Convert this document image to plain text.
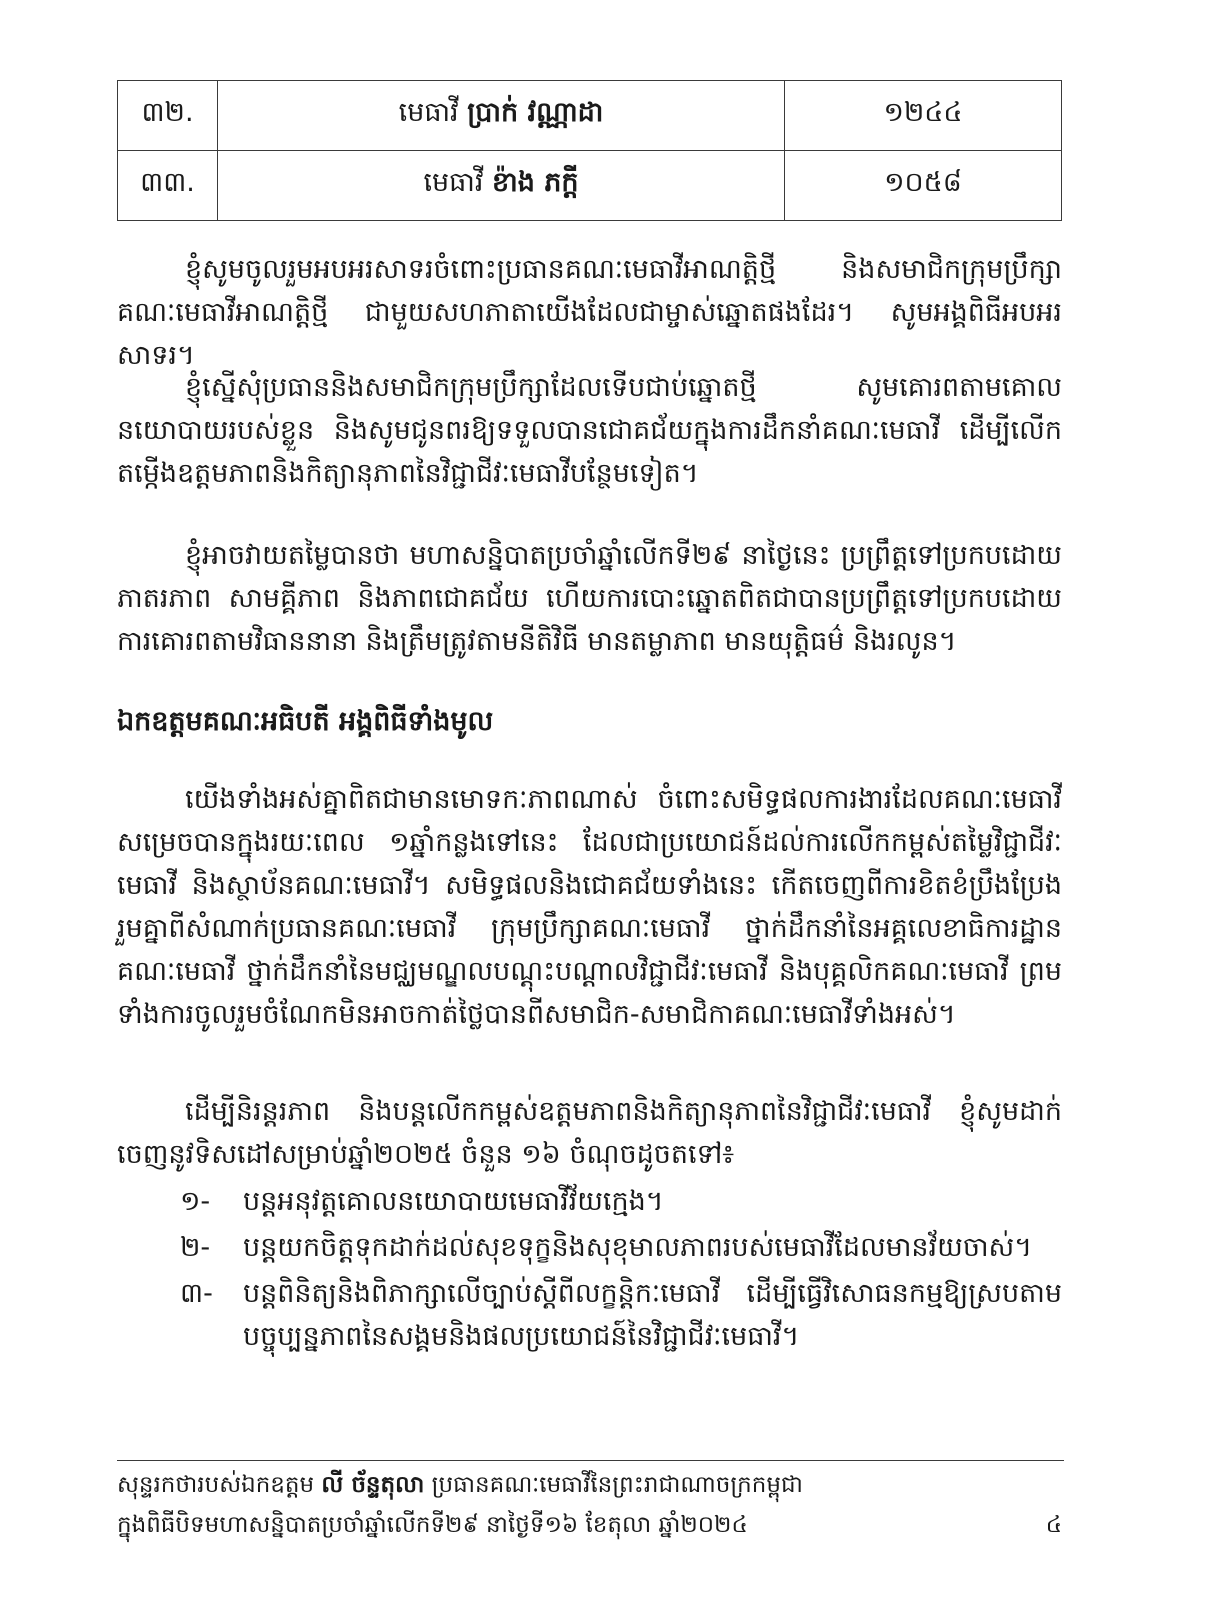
៣២.	មេធាវី ប្រាក់ វណ្ណាដា	១២៤៤
៣៣.	មេធាវី ខ៉ាង ភក្តី	១០៥៨

ខ្ញុំសូមចូលរួមអបអរសាទរចំពោះប្រធានគណៈមេធាវីអាណត្តិថ្មី និងសមាជិកក្រុមប្រឹក្សាគណៈមេធាវីអាណត្តិថ្មី ជាមួយសហភាតាយើងដែលជាម្ចាស់ឆ្នោតផងដែរ។ សូមអង្គពិធីអបអរសាទរ។

ខ្ញុំស្នើសុំប្រធាននិងសមាជិកក្រុមប្រឹក្សាដែលទើបជាប់ឆ្នោតថ្មី សូមគោរពតាមគោលនយោបាយរបស់ខ្លួន និងសូមជូនពរឱ្យទទួលបានជោគជ័យក្នុងការដឹកនាំគណៈមេធាវី ដើម្បីលើកតម្កើងឧត្តមភាពនិងកិត្យានុភាពនៃវិជ្ជាជីវៈមេធាវីបន្ថែមទៀត។

ខ្ញុំអាចវាយតម្លៃបានថា មហាសន្និបាតប្រចាំឆ្នាំលើកទី២៩ នាថ្ងៃនេះ ប្រព្រឹត្តទៅប្រកបដោយភាតរភាព សាមគ្គីភាព និងភាពជោគជ័យ ហើយការបោះឆ្នោតពិតជាបានប្រព្រឹត្តទៅប្រកបដោយការគោរពតាមវិធាននានា និងត្រឹមត្រូវតាមនីតិវិធី មានតម្លាភាព មានយុត្តិធម៌ និងរលូន។

ឯកឧត្តមគណៈអធិបតី អង្គពិធីទាំងមូល

យើងទាំងអស់គ្នាពិតជាមានមោទកៈភាពណាស់ ចំពោះសមិទ្ធផលការងារដែលគណៈមេធាវីសម្រេចបានក្នុងរយៈពេល ១ឆ្នាំកន្លងទៅនេះ ដែលជាប្រយោជន៍ដល់ការលើកកម្ពស់តម្លៃវិជ្ជាជីវៈមេធាវី និងស្ថាប័នគណៈមេធាវី។ សមិទ្ធផលនិងជោគជ័យទាំងនេះ កើតចេញពីការខិតខំប្រឹងប្រែងរួមគ្នាពីសំណាក់ប្រធានគណៈមេធាវី ក្រុមប្រឹក្សាគណៈមេធាវី ថ្នាក់ដឹកនាំនៃអគ្គលេខាធិការដ្ឋានគណៈមេធាវី ថ្នាក់ដឹកនាំនៃមជ្ឈមណ្ឌលបណ្តុះបណ្តាលវិជ្ជាជីវៈមេធាវី និងបុគ្គលិកគណៈមេធាវី ព្រមទាំងការចូលរួមចំណែកមិនអាចកាត់ថ្លៃបានពីសមាជិក-សមាជិកាគណៈមេធាវីទាំងអស់។

ដើម្បីនិរន្តរភាព និងបន្តលើកកម្ពស់ឧត្តមភាពនិងកិត្យានុភាពនៃវិជ្ជាជីវៈមេធាវី ខ្ញុំសូមដាក់ចេញនូវទិសដៅសម្រាប់ឆ្នាំ២០២៥ ចំនួន ១៦ ចំណុចដូចតទៅ៖

១- បន្តអនុវត្តគោលនយោបាយមេធាវីវ័យក្មេង។
២- បន្តយកចិត្តទុកដាក់ដល់សុខទុក្ខនិងសុខុមាលភាពរបស់មេធាវីដែលមានវ័យចាស់។
៣- បន្តពិនិត្យនិងពិភាក្សាលើច្បាប់ស្តីពីលក្ខន្តិកៈមេធាវី ដើម្បីធ្វើវិសោធនកម្មឱ្យស្របតាមបច្ចុប្បន្នភាពនៃសង្គមនិងផលប្រយោជន៍នៃវិជ្ជាជីវៈមេធាវី។

សុន្ទរកថារបស់ឯកឧត្តម លី ច័ន្ទតុលា ប្រធានគណៈមេធាវីនៃព្រះរាជាណាចក្រកម្ពុជា

ក្នុងពិធីបិទមហាសន្និបាតប្រចាំឆ្នាំលើកទី២៩ នាថ្ងៃទី១៦ ខែតុលា ឆ្នាំ២០២៤	៤
